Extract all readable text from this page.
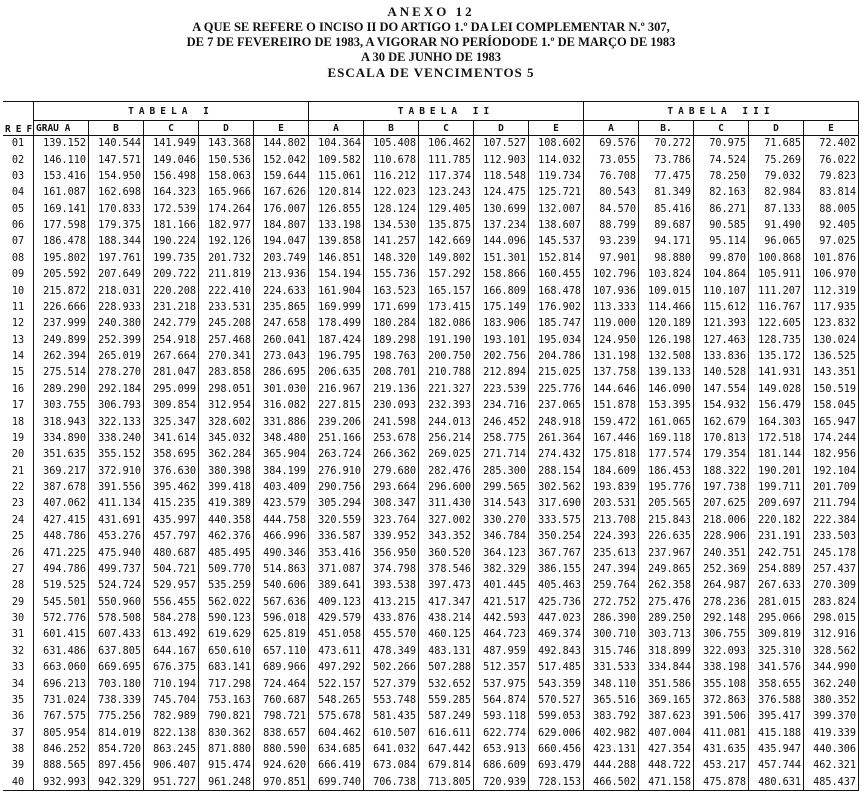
ANEXO 12
A QUE SE REFERE O INCISO II DO ARTIGO 1.º DA LEI COMPLEMENTAR N.º 307,
DE 7 DE FEVEREIRO DE 1983, A VIGORAR NO PERÍODODE 1.º DE MARÇO DE 1983
A 30 DE JUNHO DE 1983
ESCALA DE VENCIMENTOS 5
REF	TABELA I					TABELA II					TABELA III				
	GRAU A	B	C	D	E	A	B	C	D	E	A	B.	C	D	E
01	139.152	140.544	141.949	143.368	144.802	104.364	105.408	106.462	107.527	108.602	69.576	70.272	70.975	71.685	72.402
02	146.110	147.571	149.046	150.536	152.042	109.582	110.678	111.785	112.903	114.032	73.055	73.786	74.524	75.269	76.022
03	153.416	154.950	156.498	158.063	159.644	115.061	116.212	117.374	118.548	119.734	76.708	77.475	78.250	79.032	79.823
04	161.087	162.698	164.323	165.966	167.626	120.814	122.023	123.243	124.475	125.721	80.543	81.349	82.163	82.984	83.814
05	169.141	170.833	172.539	174.264	176.007	126.855	128.124	129.405	130.699	132.007	84.570	85.416	86.271	87.133	88.005
06	177.598	179.375	181.166	182.977	184.807	133.198	134.530	135.875	137.234	138.607	88.799	89.687	90.585	91.490	92.405
07	186.478	188.344	190.224	192.126	194.047	139.858	141.257	142.669	144.096	145.537	93.239	94.171	95.114	96.065	97.025
08	195.802	197.761	199.735	201.732	203.749	146.851	148.320	149.802	151.301	152.814	97.901	98.880	99.870	100.868	101.876
09	205.592	207.649	209.722	211.819	213.936	154.194	155.736	157.292	158.866	160.455	102.796	103.824	104.864	105.911	106.970
10	215.872	218.031	220.208	222.410	224.633	161.904	163.523	165.157	166.809	168.478	107.936	109.015	110.107	111.207	112.319
11	226.666	228.933	231.218	233.531	235.865	169.999	171.699	173.415	175.149	176.902	113.333	114.466	115.612	116.767	117.935
12	237.999	240.380	242.779	245.208	247.658	178.499	180.284	182.086	183.906	185.747	119.000	120.189	121.393	122.605	123.832
13	249.899	252.399	254.918	257.468	260.041	187.424	189.298	191.190	193.101	195.034	124.950	126.198	127.463	128.735	130.024
14	262.394	265.019	267.664	270.341	273.043	196.795	198.763	200.750	202.756	204.786	131.198	132.508	133.836	135.172	136.525
15	275.514	278.270	281.047	283.858	286.695	206.635	208.701	210.788	212.894	215.025	137.758	139.133	140.528	141.931	143.351
16	289.290	292.184	295.099	298.051	301.030	216.967	219.136	221.327	223.539	225.776	144.646	146.090	147.554	149.028	150.519
17	303.755	306.793	309.854	312.954	316.082	227.815	230.093	232.393	234.716	237.065	151.878	153.395	154.932	156.479	158.045
18	318.943	322.133	325.347	328.602	331.886	239.206	241.598	244.013	246.452	248.918	159.472	161.065	162.679	164.303	165.947
19	334.890	338.240	341.614	345.032	348.480	251.166	253.678	256.214	258.775	261.364	167.446	169.118	170.813	172.518	174.244
20	351.635	355.152	358.695	362.284	365.904	263.724	266.362	269.025	271.714	274.432	175.818	177.574	179.354	181.144	182.956
21	369.217	372.910	376.630	380.398	384.199	276.910	279.680	282.476	285.300	288.154	184.609	186.453	188.322	190.201	192.104
22	387.678	391.556	395.462	399.418	403.409	290.756	293.664	296.600	299.565	302.562	193.839	195.776	197.738	199.711	201.709
23	407.062	411.134	415.235	419.389	423.579	305.294	308.347	311.430	314.543	317.690	203.531	205.565	207.625	209.697	211.794
24	427.415	431.691	435.997	440.358	444.758	320.559	323.764	327.002	330.270	333.575	213.708	215.843	218.006	220.182	222.384
25	448.786	453.276	457.797	462.376	466.996	336.587	339.952	343.352	346.784	350.254	224.393	226.635	228.906	231.191	233.503
26	471.225	475.940	480.687	485.495	490.346	353.416	356.950	360.520	364.123	367.767	235.613	237.967	240.351	242.751	245.178
27	494.786	499.737	504.721	509.770	514.863	371.087	374.798	378.546	382.329	386.155	247.394	249.865	252.369	254.889	257.437
28	519.525	524.724	529.957	535.259	540.606	389.641	393.538	397.473	401.445	405.463	259.764	262.358	264.987	267.633	270.309
29	545.501	550.960	556.455	562.022	567.636	409.123	413.215	417.347	421.517	425.736	272.752	275.476	278.236	281.015	283.824
30	572.776	578.508	584.278	590.123	596.018	429.579	433.876	438.214	442.593	447.023	286.390	289.250	292.148	295.066	298.015
31	601.415	607.433	613.492	619.629	625.819	451.058	455.570	460.125	464.723	469.374	300.710	303.713	306.755	309.819	312.916
32	631.486	637.805	644.167	650.610	657.110	473.611	478.349	483.131	487.959	492.843	315.746	318.899	322.093	325.310	328.562
33	663.060	669.695	676.375	683.141	689.966	497.292	502.266	507.288	512.357	517.485	331.533	334.844	338.198	341.576	344.990
34	696.213	703.180	710.194	717.298	724.464	522.157	527.379	532.652	537.975	543.359	348.110	351.586	355.108	358.655	362.240
35	731.024	738.339	745.704	753.163	760.687	548.265	553.748	559.285	564.874	570.527	365.516	369.165	372.863	376.588	380.352
36	767.575	775.256	782.989	790.821	798.721	575.678	581.435	587.249	593.118	599.053	383.792	387.623	391.506	395.417	399.370
37	805.954	814.019	822.138	830.362	838.657	604.462	610.507	616.611	622.774	629.006	402.982	407.004	411.081	415.188	419.339
38	846.252	854.720	863.245	871.880	880.590	634.685	641.032	647.442	653.913	660.456	423.131	427.354	431.635	435.947	440.306
39	888.565	897.456	906.407	915.474	924.620	666.419	673.084	679.814	686.609	693.479	444.288	448.722	453.217	457.744	462.321
40	932.993	942.329	951.727	961.248	970.851	699.740	706.738	713.805	720.939	728.153	466.502	471.158	475.878	480.631	485.437
